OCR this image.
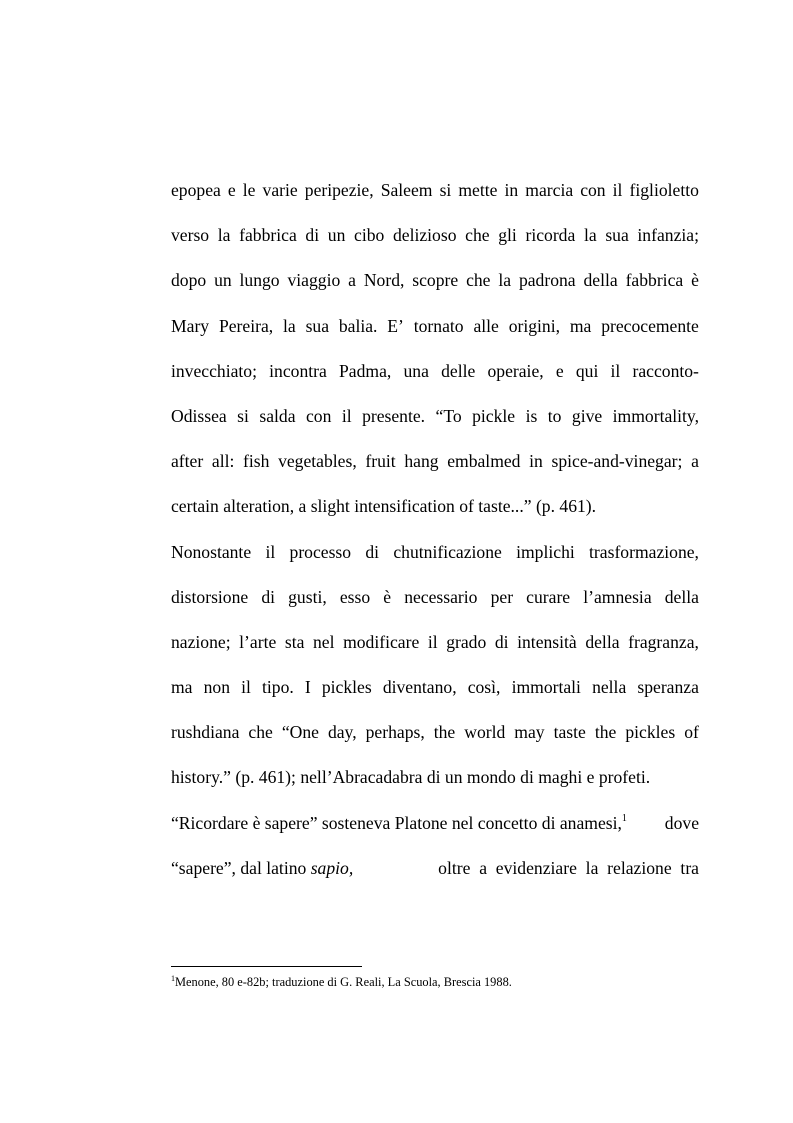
epopea e le varie peripezie, Saleem si mette in marcia con il figlioletto
verso la fabbrica di un cibo delizioso che gli ricorda la sua infanzia;
dopo un lungo viaggio a Nord, scopre che la padrona della fabbrica è
Mary Pereira, la sua balia. E’ tornato alle origini, ma precocemente
invecchiato; incontra Padma, una delle operaie, e qui il racconto-
Odissea si salda con il presente. “To pickle is to give immortality,
after all: fish vegetables, fruit hang embalmed in spice-and-vinegar; a
certain alteration, a slight intensification of taste...” (p. 461).
Nonostante il processo di chutnificazione implichi trasformazione,
distorsione di gusti, esso è necessario per curare l’amnesia della
nazione; l’arte sta nel modificare il grado di intensità della fragranza,
ma non il tipo. I pickles diventano, così, immortali nella speranza
rushdiana che “One day, perhaps, the world may taste the pickles of
history.” (p. 461); nell’Abracadabra di un mondo di maghi e profeti.
“Ricordare è sapere” sosteneva Platone nel concetto di anamesi,$^1$ dove
“sapere”, dal latino sapio,	oltre  a  evidenziare  la  relazione  tra
$^1$Menone, 80 e-82b; traduzione di G. Reali, La Scuola, Brescia 1988.
